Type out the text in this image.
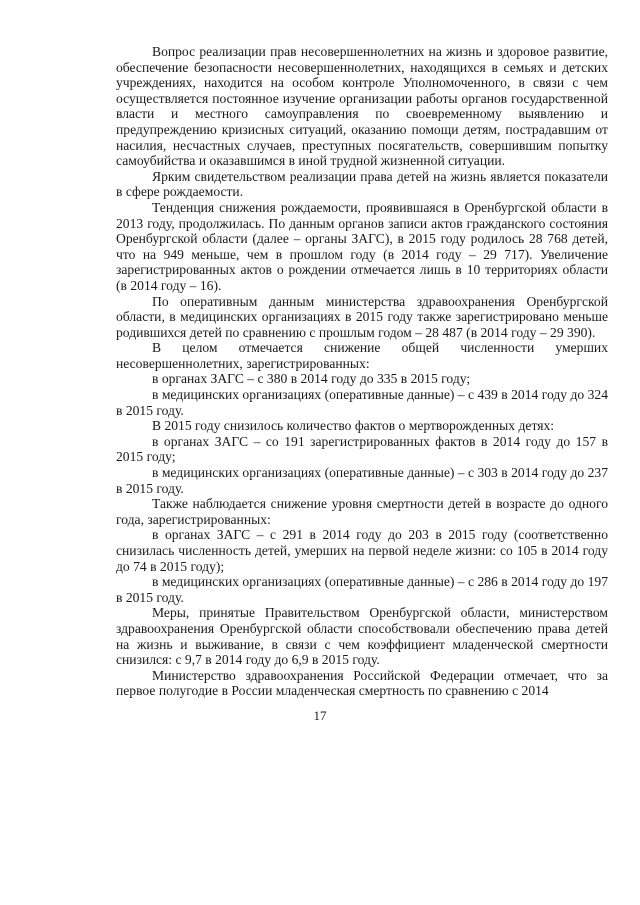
Вопрос реализации прав несовершеннолетних на жизнь и здоровое развитие, обеспечение безопасности несовершеннолетних, находящихся в семьях и детских учреждениях, находится на особом контроле Уполномоченного, в связи с чем осуществляется постоянное изучение организации работы органов государственной власти и местного самоуправления по своевременному выявлению и предупреждению кризисных ситуаций, оказанию помощи детям, пострадавшим от насилия, несчастных случаев, преступных посягательств, совершившим попытку самоубийства и оказавшимся в иной трудной жизненной ситуации.

Ярким свидетельством реализации права детей на жизнь является показатели в сфере рождаемости.

Тенденция снижения рождаемости, проявившаяся в Оренбургской области в 2013 году, продолжилась. По данным органов записи актов гражданского состояния Оренбургской области (далее – органы ЗАГС), в 2015 году родилось 28 768 детей, что на 949 меньше, чем в прошлом году (в 2014 году – 29 717). Увеличение зарегистрированных актов о рождении отмечается лишь в 10 территориях области (в 2014 году – 16).

По оперативным данным министерства здравоохранения Оренбургской области, в медицинских организациях в 2015 году также зарегистрировано меньше родившихся детей по сравнению с прошлым годом – 28 487 (в 2014 году – 29 390).

В целом отмечается снижение общей численности умерших несовершеннолетних, зарегистрированных:

в органах ЗАГС – с 380 в 2014 году до 335 в 2015 году;

в медицинских организациях (оперативные данные) – с 439 в 2014 году до 324 в 2015 году.

В 2015 году снизилось количество фактов о мертворожденных детях:

в органах ЗАГС – со 191 зарегистрированных фактов в 2014 году до 157 в 2015 году;

в медицинских организациях (оперативные данные) – с 303 в 2014 году до 237 в 2015 году.

Также наблюдается снижение уровня смертности детей в возрасте до одного года, зарегистрированных:

в органах ЗАГС – с 291 в 2014 году до 203 в 2015 году (соответственно снизилась численность детей, умерших на первой неделе жизни: со 105 в 2014 году до 74 в 2015 году);

в медицинских организациях (оперативные данные) – с 286 в 2014 году до 197 в 2015 году.

Меры, принятые Правительством Оренбургской области, министерством здравоохранения Оренбургской области способствовали обеспечению права детей на жизнь и выживание, в связи с чем коэффициент младенческой смертности снизился: с 9,7 в 2014 году до 6,9 в 2015 году.

Министерство здравоохранения Российской Федерации отмечает, что за первое полугодие в России младенческая смертность по сравнению с 2014

17
